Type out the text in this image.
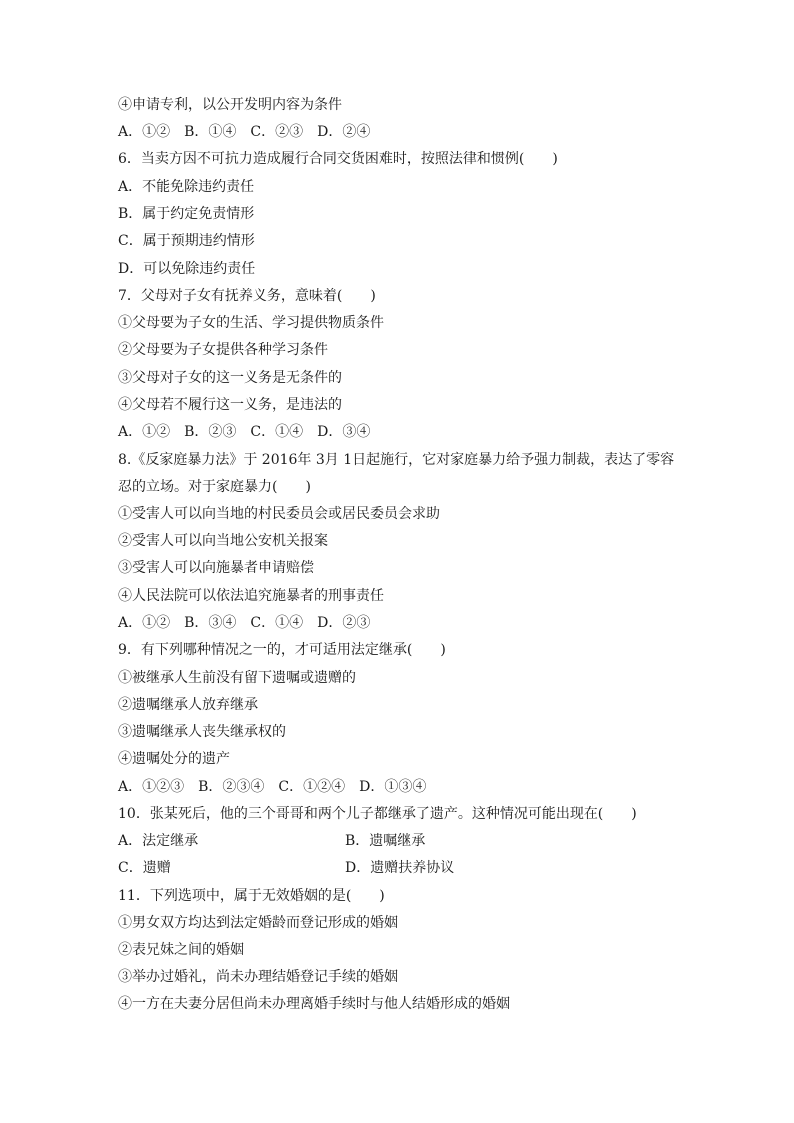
④申请专利，以公开发明内容为条件
A．①②　B．①④　C．②③　D．②④
6．当卖方因不可抗力造成履行合同交货困难时，按照法律和惯例(　　)
A．不能免除违约责任
B．属于约定免责情形
C．属于预期违约情形
D．可以免除违约责任
7．父母对子女有抚养义务，意味着(　　)
①父母要为子女的生活、学习提供物质条件
②父母要为子女提供各种学习条件
③父母对子女的这一义务是无条件的
④父母若不履行这一义务，是违法的
A．①②　B．②③　C．①④　D．③④
8.《反家庭暴力法》于 2016年 3月 1日起施行，它对家庭暴力给予强力制裁，表达了零容
忍的立场。对于家庭暴力(　　)
①受害人可以向当地的村民委员会或居民委员会求助
②受害人可以向当地公安机关报案
③受害人可以向施暴者申请赔偿
④人民法院可以依法追究施暴者的刑事责任
A．①②　B．③④　C．①④　D．②③
9．有下列哪种情况之一的，才可适用法定继承(　　)
①被继承人生前没有留下遗嘱或遗赠的
②遗嘱继承人放弃继承
③遗嘱继承人丧失继承权的
④遗嘱处分的遗产
A．①②③　B．②③④　C．①②④　D．①③④
10．张某死后，他的三个哥哥和两个儿子都继承了遗产。这种情况可能出现在(　　)
A．法定继承	B．遗嘱继承
C．遗赠	D．遗赠扶养协议
11．下列选项中，属于无效婚姻的是(　　)
①男女双方均达到法定婚龄而登记形成的婚姻
②表兄妹之间的婚姻
③举办过婚礼，尚未办理结婚登记手续的婚姻
④一方在夫妻分居但尚未办理离婚手续时与他人结婚形成的婚姻
